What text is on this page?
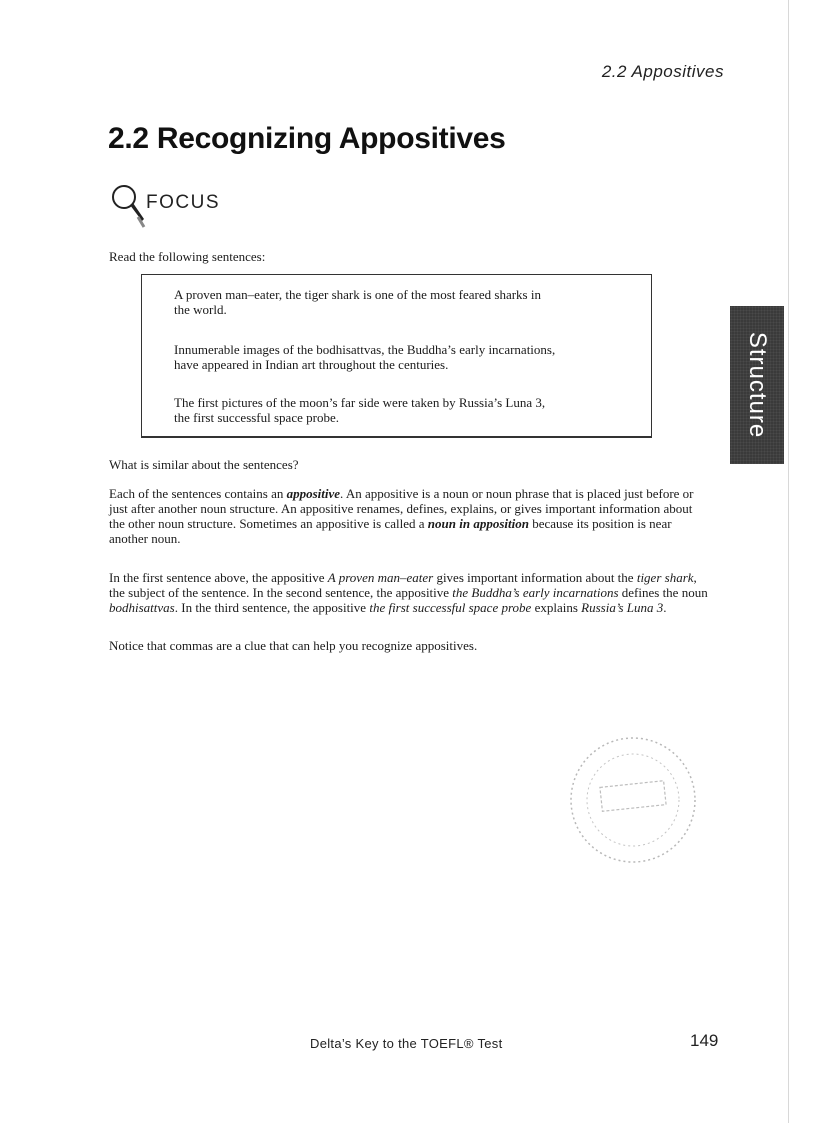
2.2 Appositives
2.2 Recognizing Appositives
FOCUS
Read the following sentences:
A proven man–eater, the tiger shark is one of the most feared sharks in
the world.
Innumerable images of the bodhisattvas, the Buddha’s early incarnations,
have appeared in Indian art throughout the centuries.
The first pictures of the moon’s far side were taken by Russia’s Luna 3,
the first successful space probe.
What is similar about the sentences?
Each of the sentences contains an appositive. An appositive is a noun or noun phrase that is placed just before or just after another noun structure. An appositive renames, defines, explains, or gives important information about the other noun structure. Sometimes an appositive is called a noun in apposition because its position is near another noun.
In the first sentence above, the appositive A proven man–eater gives important information about the tiger shark, the subject of the sentence. In the second sentence, the appositive the Buddha’s early incarnations defines the noun bodhisattvas. In the third sentence, the appositive the first successful space probe explains Russia’s Luna 3.
Notice that commas are a clue that can help you recognize appositives.
Structure
Delta’s Key to the TOEFL® Test	149
